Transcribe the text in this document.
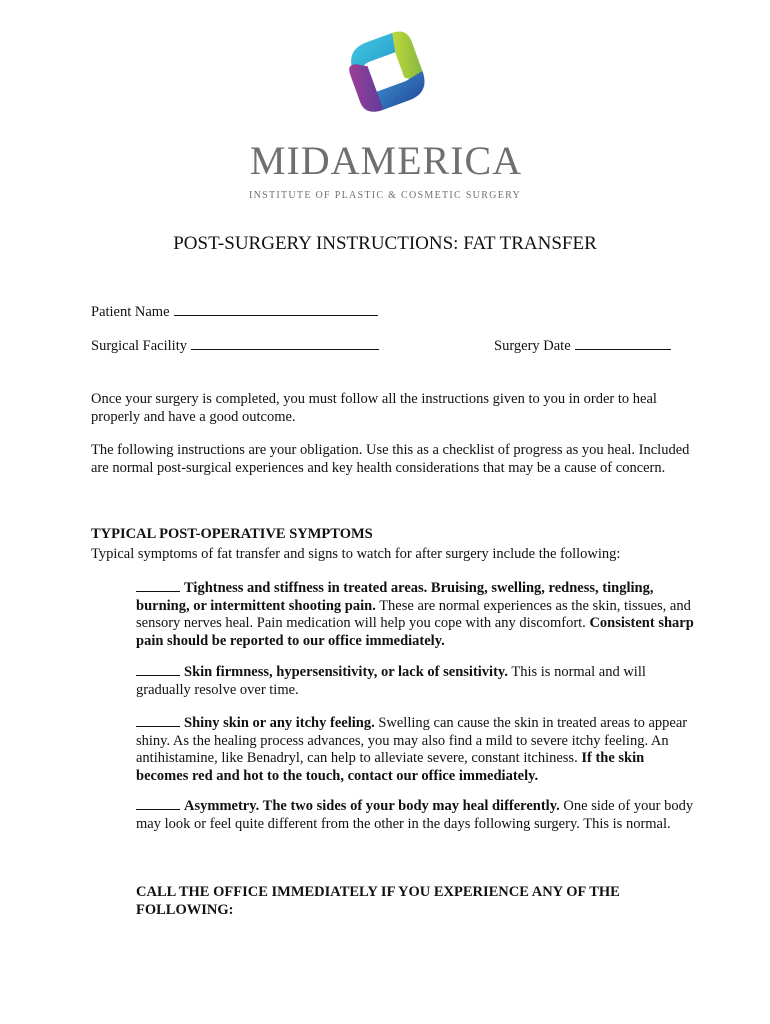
MIDAMERICA
INSTITUTE OF PLASTIC & COSMETIC SURGERY
POST-SURGERY INSTRUCTIONS: FAT TRANSFER
Patient Name
Surgical Facility	Surgery Date
Once your surgery is completed, you must follow all the instructions given to you in order to heal properly and have a good outcome.
The following instructions are your obligation. Use this as a checklist of progress as you heal. Included are normal post-surgical experiences and key health considerations that may be a cause of concern.
TYPICAL POST-OPERATIVE SYMPTOMS
Typical symptoms of fat transfer and signs to watch for after surgery include the following:
Tightness and stiffness in treated areas. Bruising, swelling, redness, tingling, burning, or intermittent shooting pain. These are normal experiences as the skin, tissues, and sensory nerves heal. Pain medication will help you cope with any discomfort. Consistent sharp pain should be reported to our office immediately.
Skin firmness, hypersensitivity, or lack of sensitivity. This is normal and will gradually resolve over time.
Shiny skin or any itchy feeling. Swelling can cause the skin in treated areas to appear shiny. As the healing process advances, you may also find a mild to severe itchy feeling. An antihistamine, like Benadryl, can help to alleviate severe, constant itchiness. If the skin becomes red and hot to the touch, contact our office immediately.
Asymmetry. The two sides of your body may heal differently. One side of your body may look or feel quite different from the other in the days following surgery. This is normal.
CALL THE OFFICE IMMEDIATELY IF YOU EXPERIENCE ANY OF THE FOLLOWING:
